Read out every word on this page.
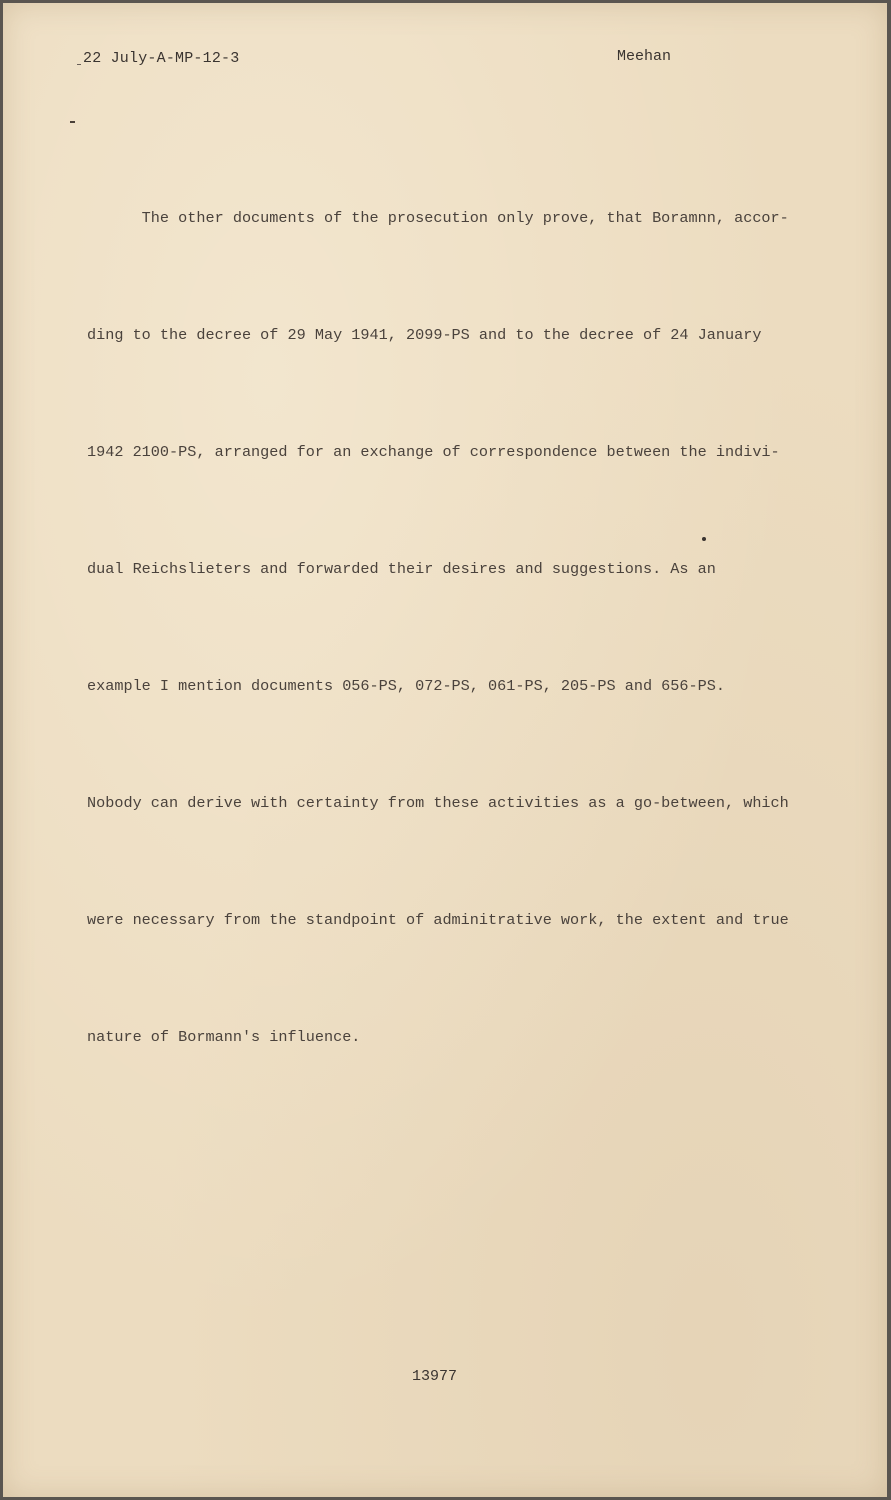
22 July-A-MP-12-3	Meehan

The other documents of the prosecution only prove, that Boramnn, accor-

ding to the decree of 29 May 1941, 2099-PS and to the decree of 24 January

1942 2100-PS, arranged for an exchange of correspondence between the indivi-

dual Reichslieters and forwarded their desires and suggestions. As an

example I mention documents 056-PS, 072-PS, 061-PS, 205-PS and 656-PS.

Nobody can derive with certainty from these activities as a go-between, which

were necessary from the standpoint of adminitrative work, the extent and true

nature of Bormann's influence.

13977
